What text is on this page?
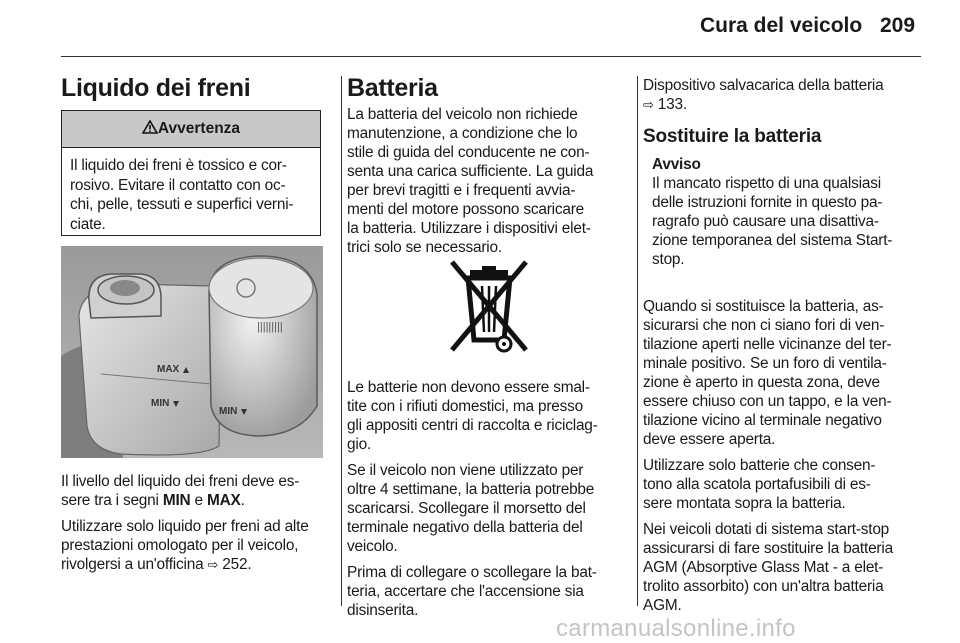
Cura del veicolo 209
Liquido dei freni
Avvertenza
Il liquido dei freni è tossico e cor-
rosivo. Evitare il contatto con oc-
chi, pelle, tessuti e superfici verni-
ciate.
|||||||||
MAX
MIN
MIN

Il livello del liquido dei freni deve es-
sere tra i segni MIN e MAX.

Utilizzare solo liquido per freni ad alte
prestazioni omologato per il veicolo,
rivolgersi a un'officina ⇨ 252.

Batteria

La batteria del veicolo non richiede
manutenzione, a condizione che lo
stile di guida del conducente ne con-
senta una carica sufficiente. La guida
per brevi tragitti e i frequenti avvia-
menti del motore possono scaricare
la batteria. Utilizzare i dispositivi elet-
trici solo se necessario.

Le batterie non devono essere smal-
tite con i rifiuti domestici, ma presso
gli appositi centri di raccolta e riciclag-
gio.

Se il veicolo non viene utilizzato per
oltre 4 settimane, la batteria potrebbe
scaricarsi. Scollegare il morsetto del
terminale negativo della batteria del
veicolo.

Prima di collegare o scollegare la bat-
teria, accertare che l'accensione sia
disinserita.

Dispositivo salvacarica della batteria
⇨ 133.

Sostituire la batteria
Avviso
Il mancato rispetto di una qualsiasi
delle istruzioni fornite in questo pa-
ragrafo può causare una disattiva-
zione temporanea del sistema Start-
stop.

Quando si sostituisce la batteria, as-
sicurarsi che non ci siano fori di ven-
tilazione aperti nelle vicinanze del ter-
minale positivo. Se un foro di ventila-
zione è aperto in questa zona, deve
essere chiuso con un tappo, e la ven-
tilazione vicino al terminale negativo
deve essere aperta.

Utilizzare solo batterie che consen-
tono alla scatola portafusibili di es-
sere montata sopra la batteria.

Nei veicoli dotati di sistema start-stop
assicurarsi di fare sostituire la batteria
AGM (Absorptive Glass Mat - a elet-
trolito assorbito) con un'altra batteria
AGM.

carmanualsonline.info
